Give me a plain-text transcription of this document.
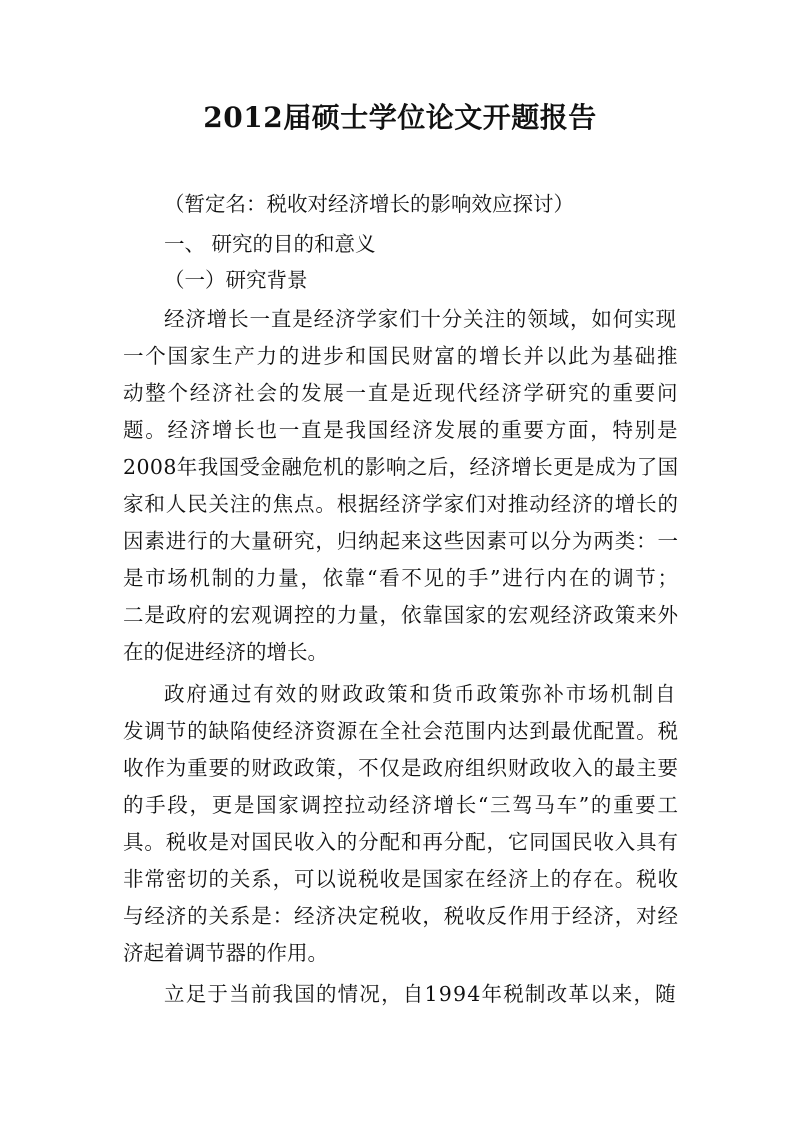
2012届硕士学位论文开题报告
（暂定名：税收对经济增长的影响效应探讨）
一、 研究的目的和意义
（一）研究背景
经济增长一直是经济学家们十分关注的领域，如何实现
一个国家生产力的进步和国民财富的增长并以此为基础推
动整个经济社会的发展一直是近现代经济学研究的重要问
题。经济增长也一直是我国经济发展的重要方面，特别是
2008年我国受金融危机的影响之后，经济增长更是成为了国
家和人民关注的焦点。根据经济学家们对推动经济的增长的
因素进行的大量研究，归纳起来这些因素可以分为两类：一
是市场机制的力量，依靠“看不见的手”进行内在的调节；
二是政府的宏观调控的力量，依靠国家的宏观经济政策来外
在的促进经济的增长。
政府通过有效的财政政策和货币政策弥补市场机制自
发调节的缺陷使经济资源在全社会范围内达到最优配置。税
收作为重要的财政政策，不仅是政府组织财政收入的最主要
的手段，更是国家调控拉动经济增长“三驾马车”的重要工
具。税收是对国民收入的分配和再分配，它同国民收入具有
非常密切的关系，可以说税收是国家在经济上的存在。税收
与经济的关系是：经济决定税收，税收反作用于经济，对经
济起着调节器的作用。
立足于当前我国的情况，自1994年税制改革以来，随
